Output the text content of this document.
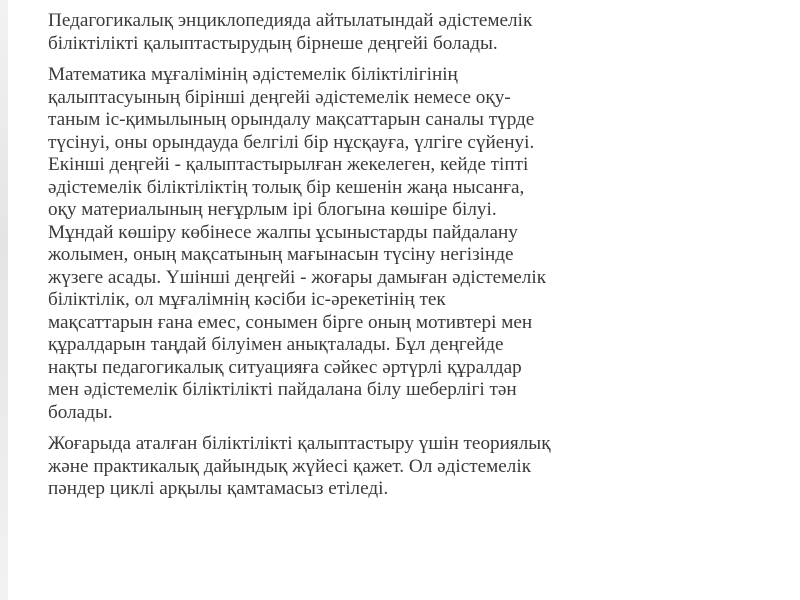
Педагогикалық энциклопедияда айтылатындай әдістемелік
біліктілікті қалыптастырудың бірнеше деңгейі болады.

Математика мұғалімінің әдістемелік біліктілігінің
қалыптасуының бірінші деңгейі әдістемелік немесе оқу-
таным іс-қимылының орындалу мақсаттарын саналы түрде
түсінуі, оны орындауда белгілі бір нұсқауға, үлгіге сүйенуі.
Екінші деңгейі - қалыптастырылған жекелеген, кейде тіпті
әдістемелік біліктіліктің толық бір кешенін жаңа нысанға,
оқу материалының неғұрлым ірі блогына көшіре білуі.
Мұндай көшіру көбінесе жалпы ұсыныстарды пайдалану
жолымен, оның мақсатының мағынасын түсіну негізінде
жүзеге асады. Үшінші деңгейі - жоғары дамыған әдістемелік
біліктілік, ол мұғалімнің кәсіби іс-әрекетінің тек
мақсаттарын ғана емес, сонымен бірге оның мотивтері мен
құралдарын таңдай білуімен анықталады. Бұл деңгейде
нақты педагогикалық ситуацияға сәйкес әртүрлі құралдар
мен әдістемелік біліктілікті пайдалана білу шеберлігі тән
болады.

Жоғарыда аталған біліктілікті қалыптастыру үшін теориялық
және практикалық дайындық жүйесі қажет. Ол әдістемелік
пәндер циклі арқылы қамтамасыз етіледі.
